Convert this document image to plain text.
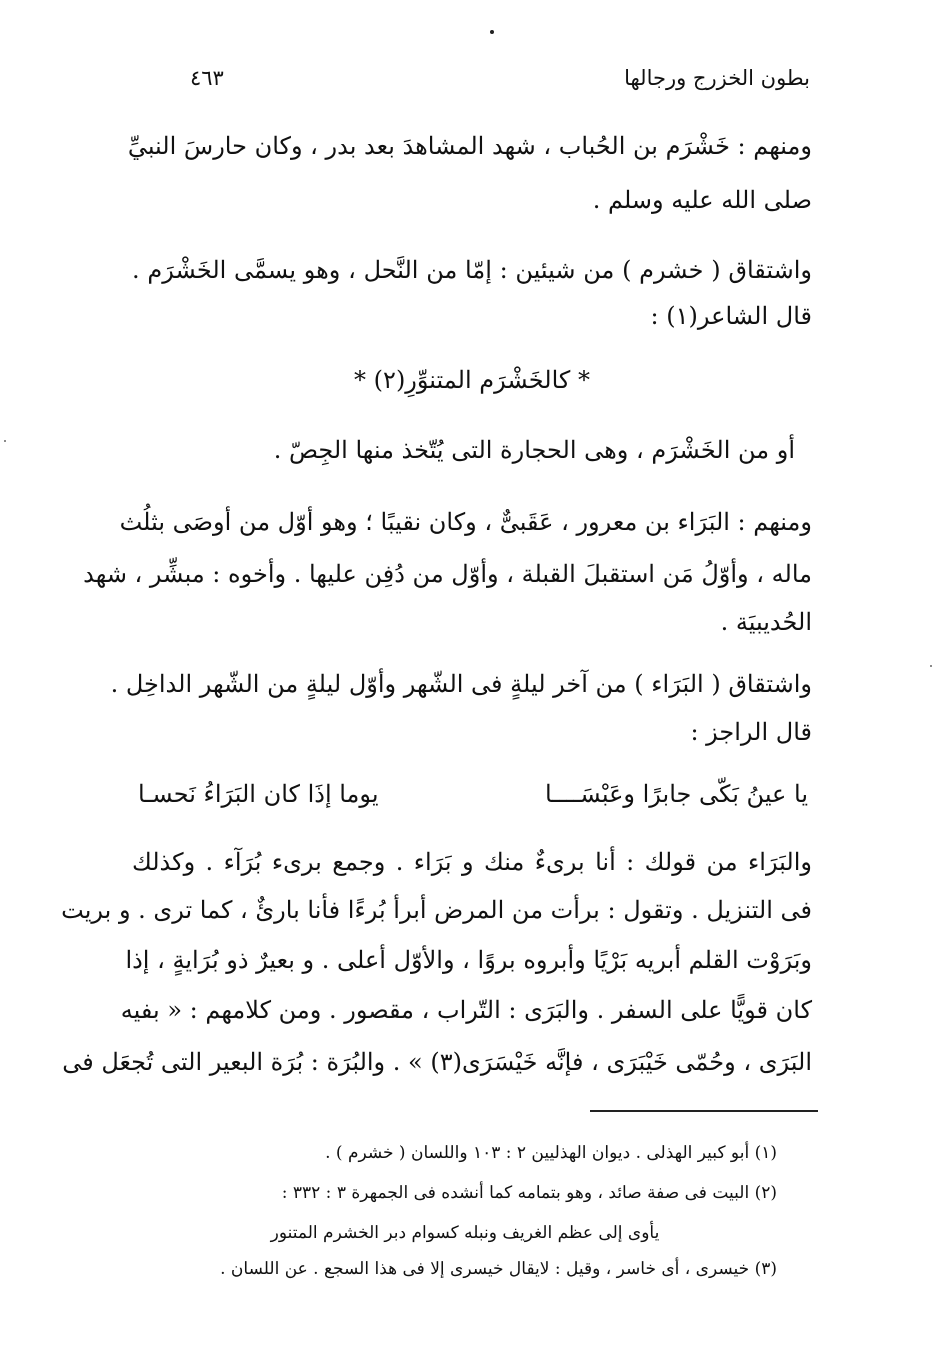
بطون الخزرج ورجالها
٤٦٣
ومنهم : خَشْرَم بن الحُباب ، شهد المشاهدَ بعد بدر ، وكان حارسَ النبيِّ
صلى الله عليه وسلم .
واشتقاق ( خشرم ) من شيئين : إمّا من النَّحل ، وهو يسمَّى الخَشْرَم .
قال الشاعر(١) :
* كالخَشْرَم المتنوِّرِ(٢) *
أو من الخَشْرَم ، وهى الحجارة التى يُتّخذ منها الجِصّ .
ومنهم : البَرَاء بن معرور ، عَقَبىٌّ ، وكان نقيبًا ؛ وهو أوّل من أوصَى بثلُث
ماله ، وأوّلُ مَن استقبلَ القبلة ، وأوّل من دُفِن عليها . وأخوه : مبشِّر ، شهد
الحُديبيَة .
واشتقاق ( البَرَاء ) من آخر ليلةٍ فى الشّهر وأوّل ليلةٍ من الشّهر الداخِل .
قال الراجز :
يا عينُ بَكّى جابرًا وعَبْسَــــا
يوما إذَا كان البَرَاءُ نَحسـا
والبَرَاء من قولك : أنا برىءٌ منك و بَرَاء . وجمع برىء بُرَآء . وكذلك
فى التنزيل . وتقول : برأت من المرض أبرأ بُرءًا فأنا بارئٌ ، كما ترى . و بريت
وبَرَوْت القلم أبريه بَرْيًا وأبروه بروًا ، والأوّل أعلى . و بعيرٌ ذو بُرَايةٍ ، إذا
كان قويًّا على السفر . والبَرَى : التّراب ، مقصور . ومن كلامهم : « بفيه
البَرَى ، وحُمّى خَيْبَرَى ، فإنَّه خَيْسَرَى(٣) » . والبُرَة : بُرَة البعير التى تُجعَل فى
(١) أبو كبير الهذلى . ديوان الهذليين ٢ : ١٠٣ واللسان ( خشرم ) .
(٢) البيت فى صفة صائد ، وهو بتمامه كما أنشده فى الجمهرة ٣ : ٣٣٢ :
يأوى إلى عظم الغريف ونبله كسوام دبر الخشرم المتنور
(٣) خيسرى ، أى خاسر ، وقيل : لايقال خيسرى إلا فى هذا السجع . عن اللسان .
